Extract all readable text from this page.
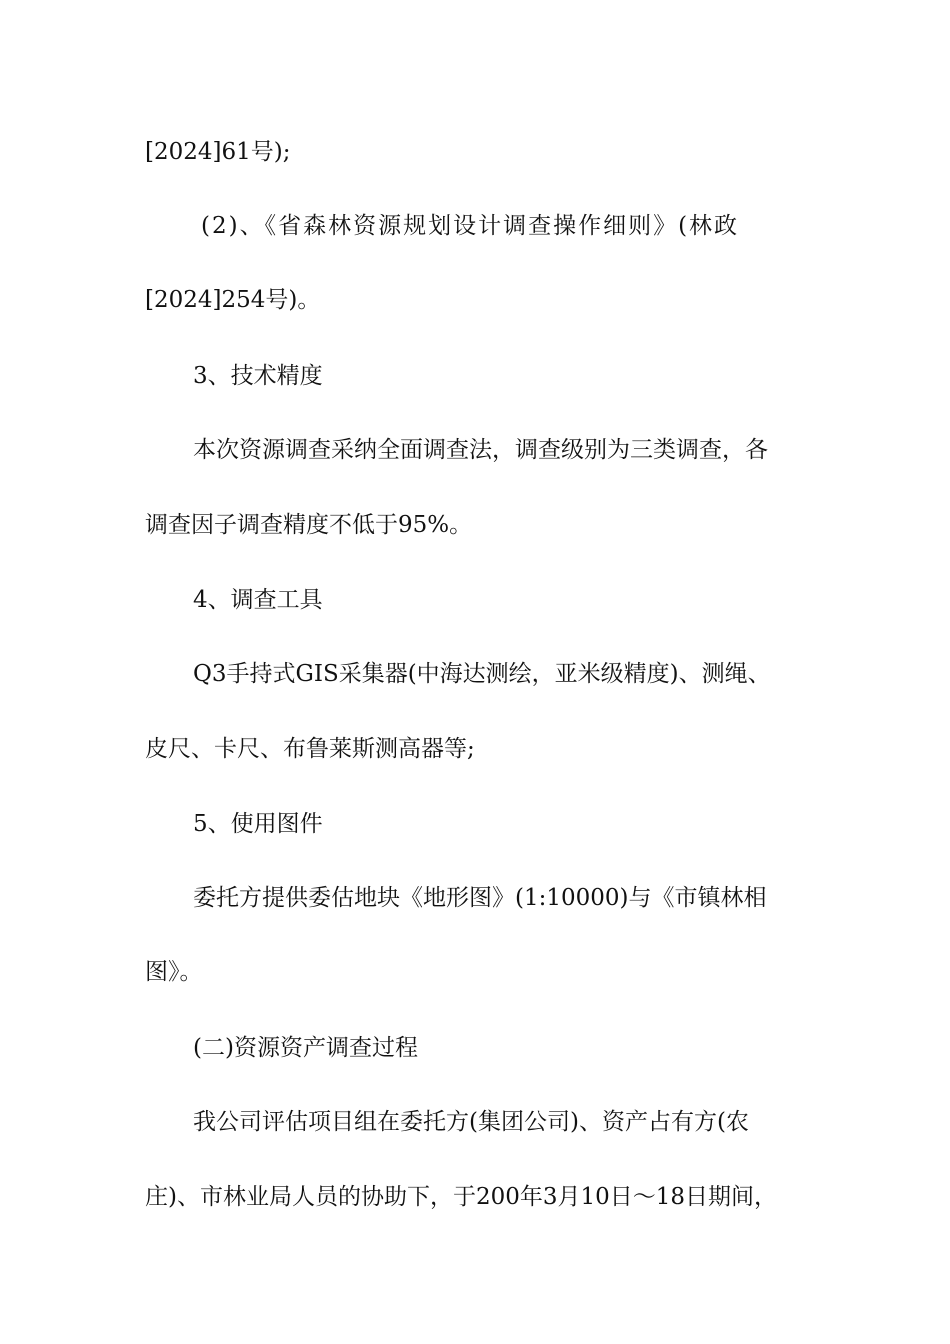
[2024]61号);
(2)、《省森林资源规划设计调查操作细则》(林政
[2024]254号)。
3、技术精度
本次资源调查采纳全面调查法，调查级别为三类调查，各
调查因子调查精度不低于95%。
4、调查工具
Q3手持式GIS采集器(中海达测绘，亚米级精度)、测绳、
皮尺、卡尺、布鲁莱斯测高器等;
5、使用图件
委托方提供委估地块《地形图》(1:10000)与《市镇林相
图》。
(二)资源资产调查过程
我公司评估项目组在委托方(集团公司)、资产占有方(农
庄)、市林业局人员的协助下，于200年3月10日～18日期间，
